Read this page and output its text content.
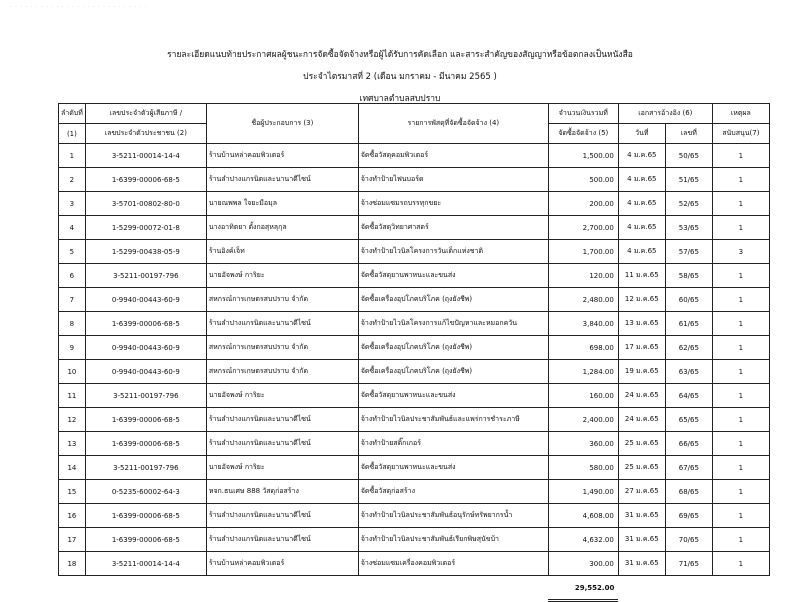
· · · · · · · · · · · · · · · · · · · · · · · · · · ·
รายละเอียดแนบท้ายประกาศผลผู้ชนะการจัดซื้อจัดจ้างหรือผู้ได้รับการคัดเลือก และสาระสำคัญของสัญญาหรือข้อตกลงเป็นหนังสือ
ประจำไตรมาสที่ 2 (เดือน มกราคม - มีนาคม 2565 )
เทศบาลตำบลสบปราบ
ลำดับที่	เลขประจำตัวผู้เสียภาษี /	ชื่อผู้ประกอบการ (3)	รายการพัสดุที่จัดซื้อจัดจ้าง (4)	จำนวนเงินรวมที่	เอกสารอ้างอิง (6)		เหตุผล
(1)	เลขประจำตัวประชาชน (2)			จัดซื้อจัดจ้าง (5)	วันที่	เลขที่	สนับสนุน(7)
1	3-5211-00014-14-4	ร้านบ้านหล่าคอมพิวเตอร์	จัดซื้อวัสดุคอมพิวเตอร์	1,500.00	4 ม.ค.65	50/65	1
2	1-6399-00006-68-5	ร้านลำปางแกรนิตและนานาดีไซน์	จ้างทำป้ายไฟนบอร์ด	500.00	4 ม.ค.65	51/65	1
3	3-5701-00802-80-0	นายณพพล ใจยะมือมุล	จ้างซ่อมแซมรถบรรทุกขยะ	200.00	4 ม.ค.65	52/65	1
4	1-5299-00072-01-8	นางอาทิตยา ตั้งกอสุหลุกุล	จัดซื้อวัสดุวิทยาศาสตร์	2,700.00	4 ม.ค.65	53/65	1
5	1-5299-00438-05-9	ร้านอิงค์เจ็ท	จ้างทำป้ายไวนิลโครงการวันเด็กแห่งชาติ	1,700.00	4 ม.ค.65	57/65	3
6	3-5211-00197-796	นายอัจพงษ์ การิยะ	จัดซื้อวัสดุยานพาหนะและขนส่ง	120.00	11 ม.ค.65	58/65	1
7	0-9940-00443-60-9	สหกรณ์การเกษตรสบปราบ จำกัด	จัดซื้อเครื่องอุปโภคบริโภค (ถุงยังชีพ)	2,480.00	12 ม.ค.65	60/65	1
8	1-6399-00006-68-5	ร้านลำปางแกรนิตและนานาดีไซน์	จ้างทำป้ายไวนิลโครงการแก้ไขปัญหาและหมอกควัน	3,840.00	13 ม.ค.65	61/65	1
9	0-9940-00443-60-9	สหกรณ์การเกษตรสบปราบ จำกัด	จัดซื้อเครื่องอุปโภคบริโภค (ถุงยังชีพ)	698.00	17 ม.ค.65	62/65	1
10	0-9940-00443-60-9	สหกรณ์การเกษตรสบปราบ จำกัด	จัดซื้อเครื่องอุปโภคบริโภค (ถุงยังชีพ)	1,284.00	19 ม.ค.65	63/65	1
11	3-5211-00197-796	นายอัจพงษ์ การิยะ	จัดซื้อวัสดุยานพาหนะและขนส่ง	160.00	24 ม.ค.65	64/65	1
12	1-6399-00006-68-5	ร้านลำปางแกรนิตและนานาดีไซน์	จ้างทำป้ายไวนิลประชาสัมพันธ์และแพร่การชำระภาษี	2,400.00	24 ม.ค.65	65/65	1
13	1-6399-00006-68-5	ร้านลำปางแกรนิตและนานาดีไซน์	จ้างทำป้ายสติ๊กเกอร์	360.00	25 ม.ค.65	66/65	1
14	3-5211-00197-796	นายอัจพงษ์ การิยะ	จัดซื้อวัสดุยานพาหนะและขนส่ง	580.00	25 ม.ค.65	67/65	1
15	0-5235-60002-64-3	หจก.ธนเศษ 888 วัสดุก่อสร้าง	จัดซื้อวัสดุก่อสร้าง	1,490.00	27 ม.ค.65	68/65	1
16	1-6399-00006-68-5	ร้านลำปางแกรนิตและนานาดีไซน์	จ้างทำป้ายไวนิลประชาสัมพันธ์อนุรักษ์ทรัพยากรน้ำ	4,608.00	31 ม.ค.65	69/65	1
17	1-6399-00006-68-5	ร้านลำปางแกรนิตและนานาดีไซน์	จ้างทำป้ายไวนิลประชาสัมพันธ์เรียกพิษสุนัขบ้า	4,632.00	31 ม.ค.65	70/65	1
18	3-5211-00014-14-4	ร้านบ้านหล่าคอมพิวเตอร์	จ้างซ่อมแซมเครื่องคอมพิวเตอร์	300.00	31 ม.ค.65	71/65	1
				29,552.00			
